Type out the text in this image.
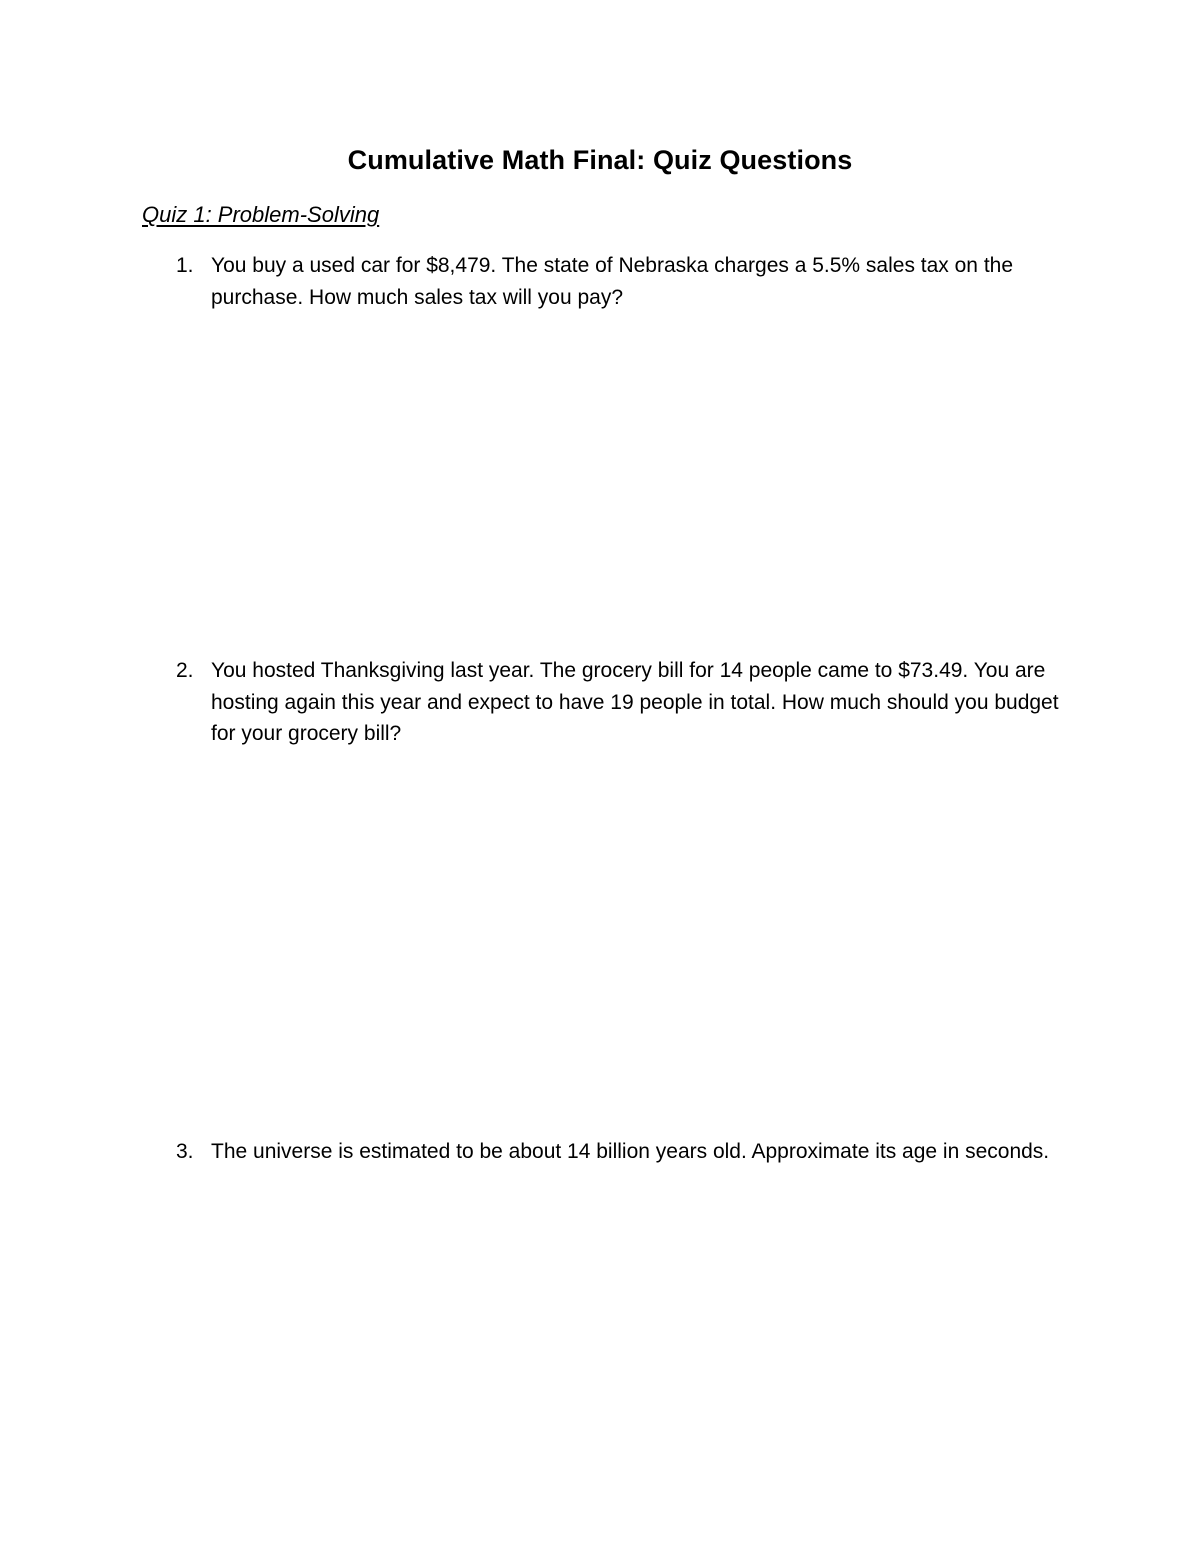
Cumulative Math Final: Quiz Questions
Quiz 1: Problem-Solving
1. You buy a used car for $8,479. The state of Nebraska charges a 5.5% sales tax on the purchase. How much sales tax will you pay?
2. You hosted Thanksgiving last year. The grocery bill for 14 people came to $73.49. You are hosting again this year and expect to have 19 people in total. How much should you budget for your grocery bill?
3. The universe is estimated to be about 14 billion years old. Approximate its age in seconds.
